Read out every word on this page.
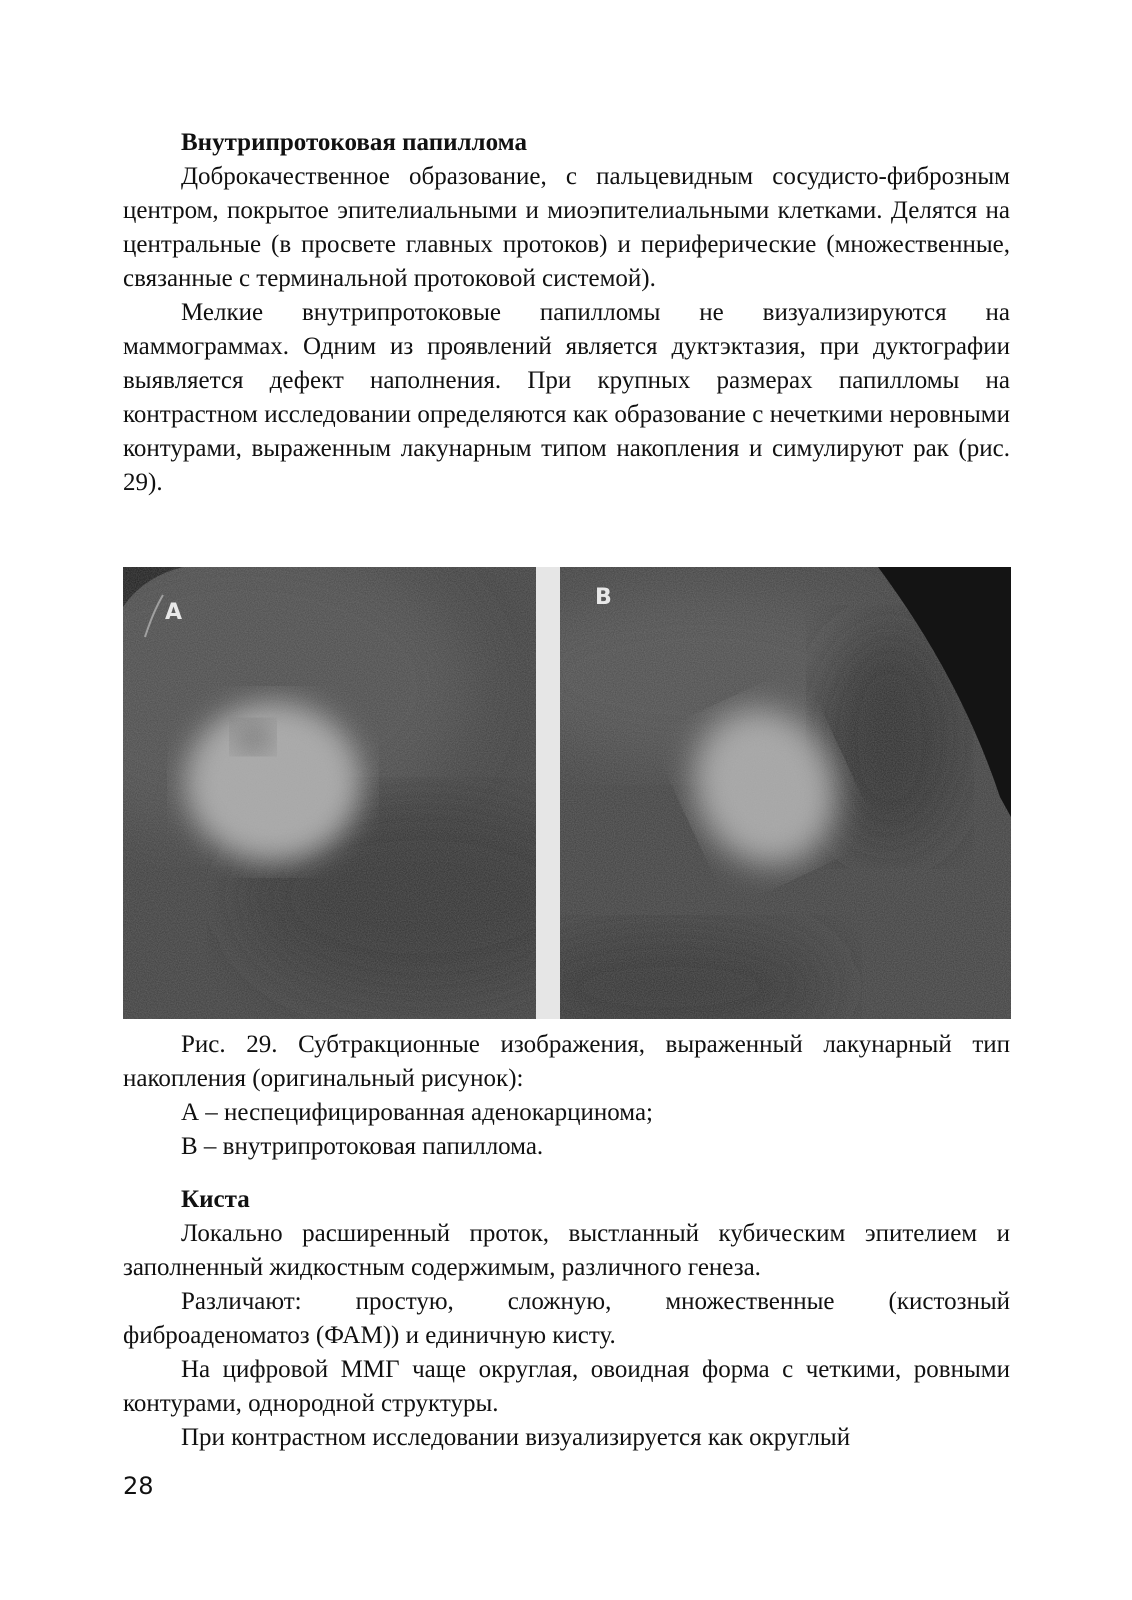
Внутрипротоковая папиллома

Доброкачественное образование, с пальцевидным сосудисто-фиброзным центром, покрытое эпителиальными и миоэпителиальными клетками. Делятся на центральные (в просвете главных протоков) и периферические (множественные, связанные с терминальной протоковой системой).

Мелкие внутрипротоковые папилломы не визуализируются на маммограммах. Одним из проявлений является дуктэктазия, при дуктографии выявляется дефект наполнения. При крупных размерах папилломы на контрастном исследовании определяются как образование с нечеткими неровными контурами, выраженным лакунарным типом накопления и симулируют рак (рис. 29).

A
B

Рис. 29. Субтракционные изображения, выраженный лакунарный тип накопления (оригинальный рисунок):

А – неспецифицированная аденокарцинома;

В – внутрипротоковая папиллома.

Киста

Локально расширенный проток, выстланный кубическим эпителием и заполненный жидкостным содержимым, различного генеза.

Различают: простую, сложную, множественные (кистозный фиброаденоматоз (ФАМ)) и единичную кисту.

На цифровой ММГ чаще округлая, овоидная форма с четкими, ровными контурами, однородной структуры.

При контрастном исследовании визуализируется как округлый

28
